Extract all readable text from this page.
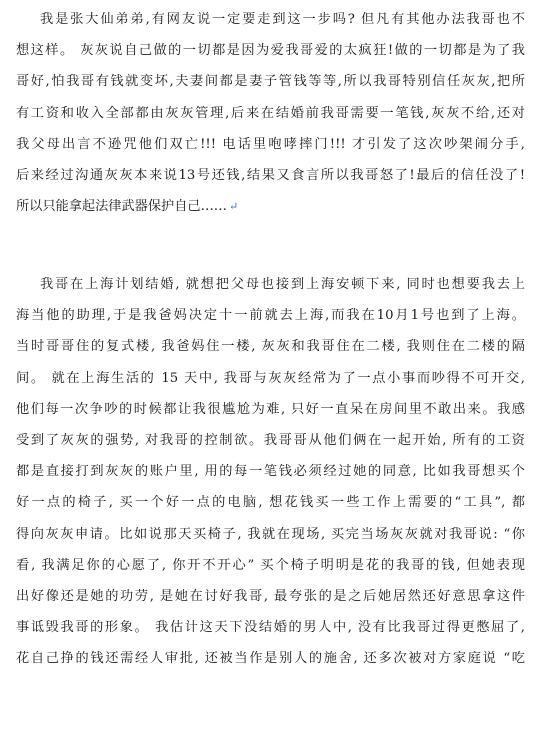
我是张大仙弟弟,有网友说一定要走到这一步吗? 但凡有其他办法我哥也不
想这样。 灰灰说自己做的一切都是因为爱我哥爱的太疯狂!做的一切都是为了我
哥好,怕我哥有钱就变坏,夫妻间都是妻子管钱等等,所以我哥特别信任灰灰,把所
有工资和收入全部都由灰灰管理,后来在结婚前我哥需要一笔钱,灰灰不给,还对
我父母出言不逊咒他们双亡!!! 电话里咆哮摔门!!! 才引发了这次吵架闹分手,
后来经过沟通灰灰本来说13号还钱,结果又食言所以我哥怒了!最后的信任没了!
所以只能拿起法律武器保护自己…… ↵
我哥在上海计划结婚, 就想把父母也接到上海安顿下来, 同时也想要我去上
海当他的助理,于是我爸妈决定十一前就去上海,而我在10月1号也到了上海。
当时哥哥住的复式楼, 我爸妈住一楼, 灰灰和我哥住在二楼, 我则住在二楼的隔
间。 就在上海生活的 15 天中, 我哥与灰灰经常为了一点小事而吵得不可开交,
他们每一次争吵的时候都让我很尴尬为难, 只好一直呆在房间里不敢出来。我感
受到了灰灰的强势, 对我哥的控制欲。我哥哥从他们俩在一起开始, 所有的工资
都是直接打到灰灰的账户里, 用的每一笔钱必须经过她的同意, 比如我哥想买个
好一点的椅子, 买一个好一点的电脑, 想花钱买一些工作上需要的“工具”, 都
得向灰灰申请。比如说那天买椅子, 我就在现场, 买完当场灰灰就对我哥说: “你
看, 我满足你的心愿了, 你开不开心” 买个椅子明明是花的我哥的钱, 但她表现
出好像还是她的功劳, 是她在讨好我哥, 最夸张的是之后她居然还好意思拿这件
事诋毁我哥的形象。 我估计这天下没结婚的男人中, 没有比我哥过得更憋屈了,
花自己挣的钱还需经人审批, 还被当作是别人的施舍, 还多次被对方家庭说 “吃
